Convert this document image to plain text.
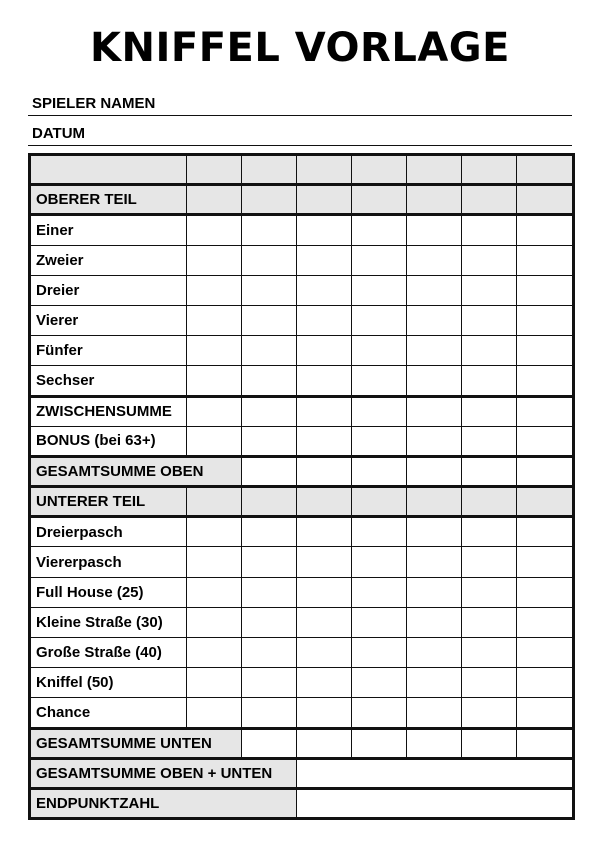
KNIFFEL VORLAGE
SPIELER NAMEN
DATUM

OBERER TEIL							
Einer							
Zweier							
Dreier							
Vierer							
Fünfer							
Sechser							
ZWISCHENSUMME							
BONUS (bei 63+)							
GESAMTSUMME OBEN							
UNTERER TEIL							
Dreierpasch							
Viererpasch							
Full House (25)							
Kleine Straße (30)							
Große Straße (40)							
Kniffel (50)							
Chance							
GESAMTSUMME UNTEN							
GESAMTSUMME OBEN + UNTEN							
ENDPUNKTZAHL							
